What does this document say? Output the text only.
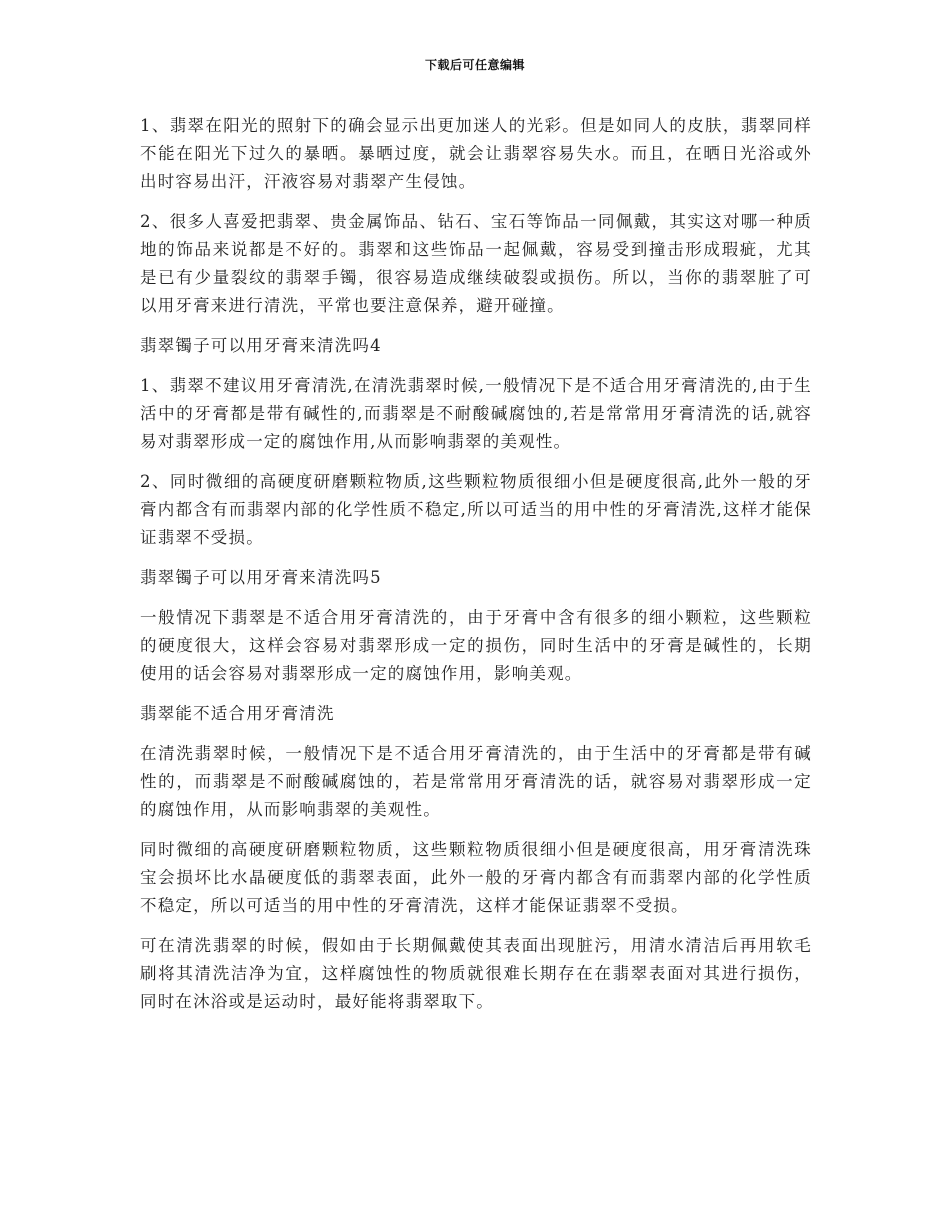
下载后可任意编辑

1、翡翠在阳光的照射下的确会显示出更加迷人的光彩。但是如同人的皮肤，翡翠同样不能在阳光下过久的暴晒。暴晒过度，就会让翡翠容易失水。而且，在晒日光浴或外出时容易出汗，汗液容易对翡翠产生侵蚀。

2、很多人喜爱把翡翠、贵金属饰品、钻石、宝石等饰品一同佩戴，其实这对哪一种质地的饰品来说都是不好的。翡翠和这些饰品一起佩戴，容易受到撞击形成瑕疵，尤其是已有少量裂纹的翡翠手镯，很容易造成继续破裂或损伤。所以，当你的翡翠脏了可以用牙膏来进行清洗，平常也要注意保养，避开碰撞。

翡翠镯子可以用牙膏来清洗吗4

1、翡翠不建议用牙膏清洗,在清洗翡翠时候,一般情况下是不适合用牙膏清洗的,由于生活中的牙膏都是带有碱性的,而翡翠是不耐酸碱腐蚀的,若是常常用牙膏清洗的话,就容易对翡翠形成一定的腐蚀作用,从而影响翡翠的美观性。

2、同时微细的高硬度研磨颗粒物质,这些颗粒物质很细小但是硬度很高,此外一般的牙膏内都含有而翡翠内部的化学性质不稳定,所以可适当的用中性的牙膏清洗,这样才能保证翡翠不受损。

翡翠镯子可以用牙膏来清洗吗5

一般情况下翡翠是不适合用牙膏清洗的，由于牙膏中含有很多的细小颗粒，这些颗粒的硬度很大，这样会容易对翡翠形成一定的损伤，同时生活中的牙膏是碱性的，长期使用的话会容易对翡翠形成一定的腐蚀作用，影响美观。

翡翠能不适合用牙膏清洗

在清洗翡翠时候，一般情况下是不适合用牙膏清洗的，由于生活中的牙膏都是带有碱性的，而翡翠是不耐酸碱腐蚀的，若是常常用牙膏清洗的话，就容易对翡翠形成一定的腐蚀作用，从而影响翡翠的美观性。

同时微细的高硬度研磨颗粒物质，这些颗粒物质很细小但是硬度很高，用牙膏清洗珠宝会损坏比水晶硬度低的翡翠表面，此外一般的牙膏内都含有而翡翠内部的化学性质不稳定，所以可适当的用中性的牙膏清洗，这样才能保证翡翠不受损。

可在清洗翡翠的时候，假如由于长期佩戴使其表面出现脏污，用清水清洁后再用软毛刷将其清洗洁净为宜，这样腐蚀性的物质就很难长期存在在翡翠表面对其进行损伤，同时在沐浴或是运动时，最好能将翡翠取下。
